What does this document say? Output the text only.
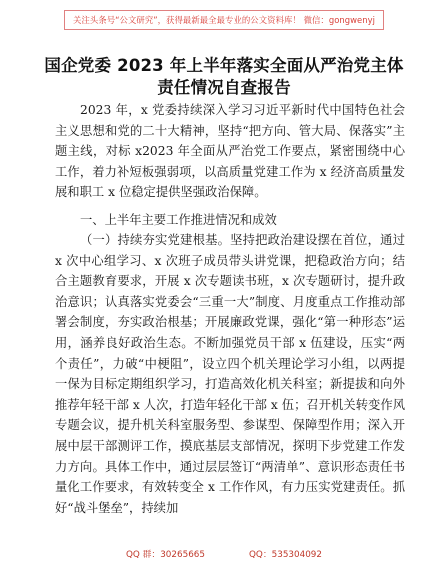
关注头条号“公文研究”，获得最新最全最专业的公文资料库！ 微信：gongwenyj
国企党委 2023 年上半年落实全面从严治党主体
责任情况自查报告

2023 年，x 党委持续深入学习习近平新时代中国特色社会主义思想和党的二十大精神，坚持“把方向、管大局、保落实”主题主线，对标 x2023 年全面从严治党工作要点，紧密围绕中心工作，着力补短板强弱项，以高质量党建工作为 x 经济高质量发展和职工 x 位稳定提供坚强政治保障。

一、上半年主要工作推进情况和成效

（一）持续夯实党建根基。坚持把政治建设摆在首位，通过 x 次中心组学习、x 次班子成员带头讲党课，把稳政治方向；结合主题教育要求，开展 x 次专题读书班，x 次专题研讨，提升政治意识；认真落实党委会“三重一大”制度、月度重点工作推动部署会制度，夯实政治根基；开展廉政党课，强化“第一种形态”运用，涵养良好政治生态。不断加强党员干部 x 伍建设，压实“两个责任”，力破“中梗阻”，设立四个机关理论学习小组，以两提一保为目标定期组织学习，打造高效化机关科室；新提拔和向外推荐年轻干部 x 人次，打造年轻化干部 x 伍；召开机关转变作风专题会议，提升机关科室服务型、参谋型、保障型作用；深入开展中层干部测评工作，摸底基层支部情况，探明下步党建工作发力方向。具体工作中，通过层层签订“两清单”、意识形态责任书量化工作要求，有效转变全 x 工作作风，有力压实党建责任。抓好“战斗堡垒”，持续加

QQ 群：30265665	QQ：535304092
